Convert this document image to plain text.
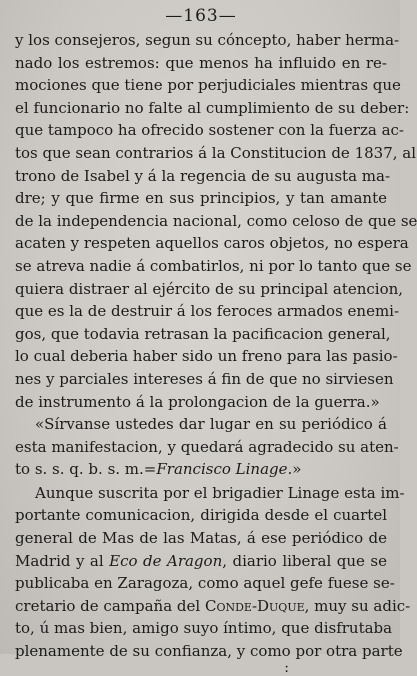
—163—
y los consejeros, segun su cóncepto, haber herma-
nado los estremos: que menos ha influido en re-
mociones que tiene por perjudiciales mientras que
el funcionario no falte al cumplimiento de su deber:
que tampoco ha ofrecido sostener con la fuerza ac-
tos que sean contrarios á la Constitucion de 1837, al
trono de Isabel y á la regencia de su augusta ma-
dre; y que firme en sus principios, y tan amante
de la independencia nacional, como celoso de que se
acaten y respeten aquellos caros objetos, no espera
se atreva nadie á combatirlos, ni por lo tanto que se
quiera distraer al ejército de su principal atencion,
que es la de destruir á los feroces armados enemi-
gos, que todavia retrasan la pacificacion general,
lo cual deberia haber sido un freno para las pasio-
nes y parciales intereses á fin de que no sirviesen
de instrumento á la prolongacion de la guerra.»
«Sírvanse ustedes dar lugar en su periódico á
esta manifestacion, y quedará agradecido su aten-
to s. s. q. b. s. m.=Francisco Linage.»
Aunque suscrita por el brigadier Linage esta im-
portante comunicacion, dirigida desde el cuartel
general de Mas de las Matas, á ese periódico de
Madrid y al Eco de Aragon, diario liberal que se
publicaba en Zaragoza, como aquel gefe fuese se-
cretario de campaña del Conde-Duque, muy su adic-
to, ú mas bien, amigo suyo íntimo, que disfrutaba
plenamente de su confianza, y como por otra parte
:
